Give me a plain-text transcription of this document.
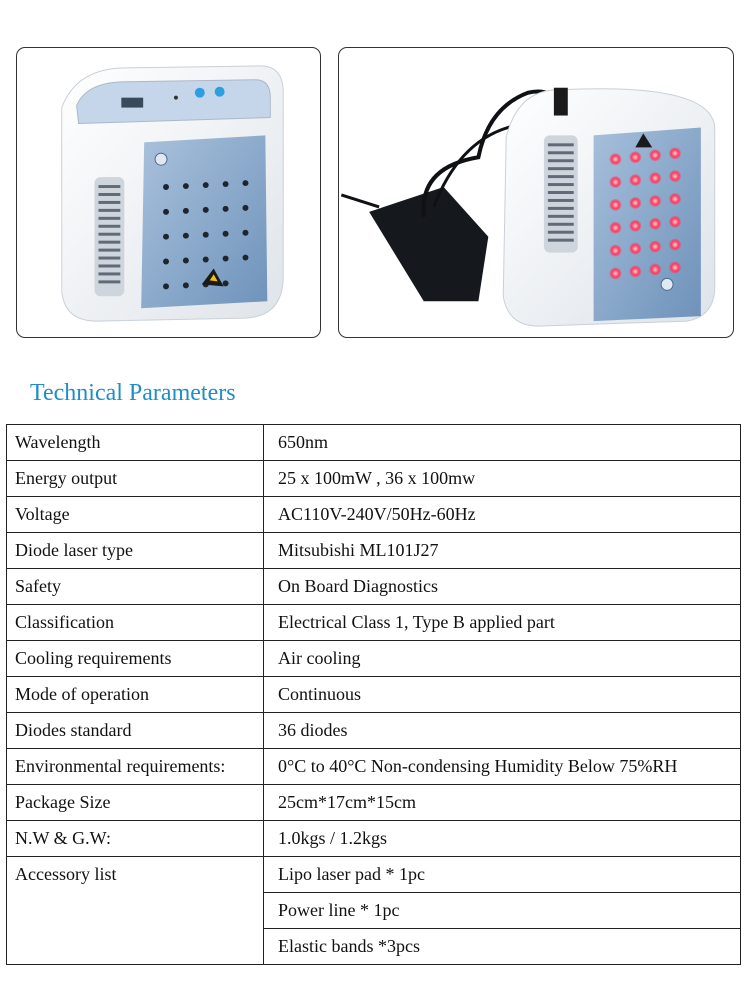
Technical Parameters
Wavelength	650nm
Energy output	25 x 100mW , 36 x 100mw
Voltage	AC110V-240V/50Hz-60Hz
Diode laser type	Mitsubishi ML101J27
Safety	On Board Diagnostics
Classification	Electrical Class 1, Type B applied part
Cooling requirements	Air cooling
Mode of operation	Continuous
Diodes standard	36 diodes
Environmental requirements:	0°C to 40°C Non-condensing Humidity Below 75%RH
Package Size	25cm*17cm*15cm
N.W & G.W:	1.0kgs / 1.2kgs
Accessory list	Lipo laser pad * 1pc
	Power line * 1pc
	Elastic bands *3pcs
